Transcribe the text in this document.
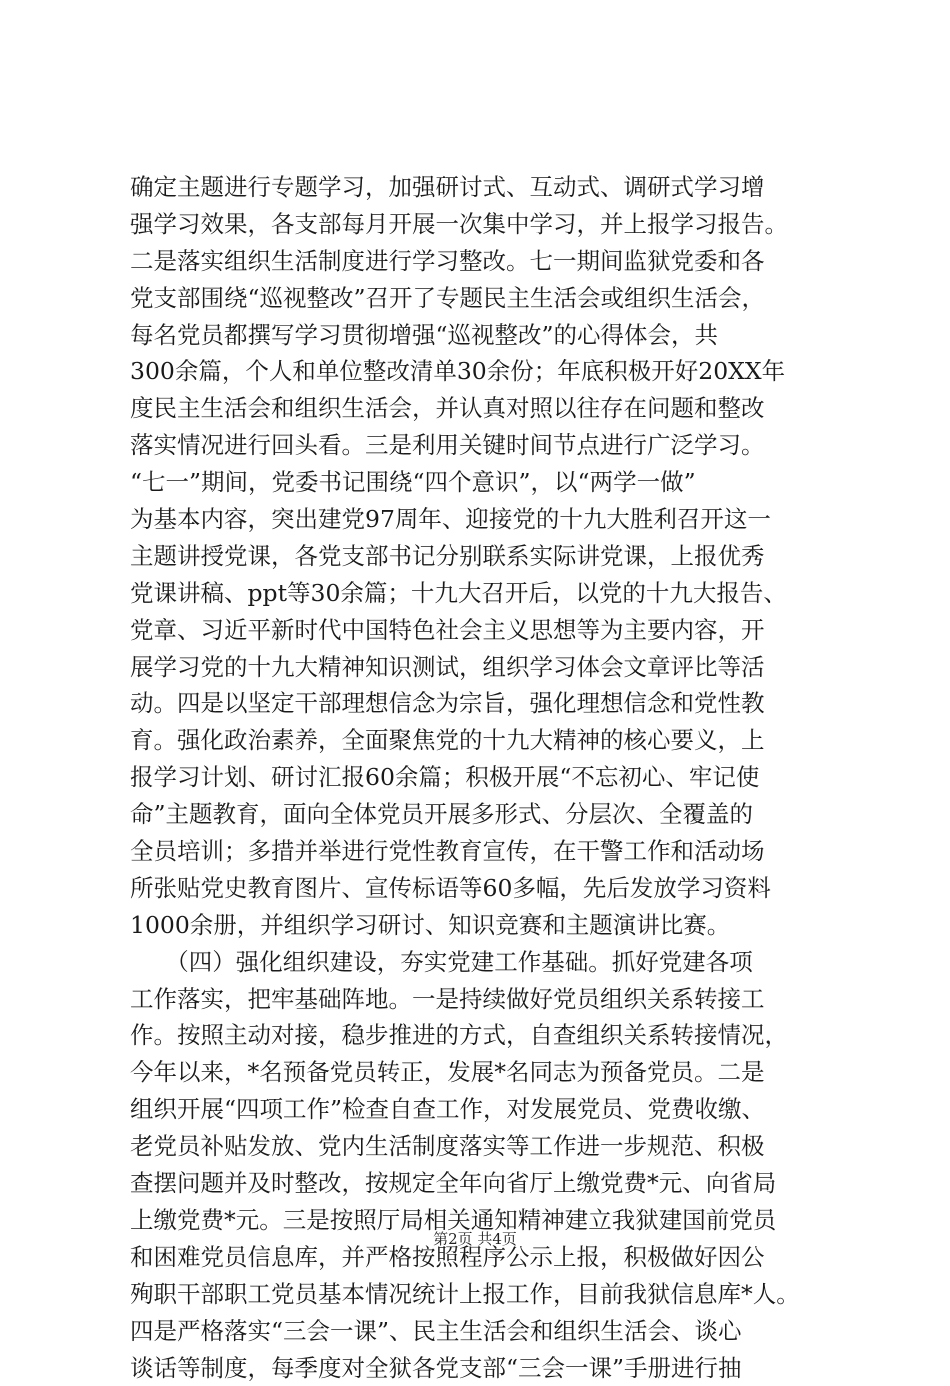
确定主题进行专题学习，加强研讨式、互动式、调研式学习增
强学习效果，各支部每月开展一次集中学习，并上报学习报告。
二是落实组织生活制度进行学习整改。七一期间监狱党委和各
党支部围绕“巡视整改”召开了专题民主生活会或组织生活会，
每名党员都撰写学习贯彻增强“巡视整改”的心得体会，共
300余篇，个人和单位整改清单30余份；年底积极开好20XX年
度民主生活会和组织生活会，并认真对照以往存在问题和整改
落实情况进行回头看。三是利用关键时间节点进行广泛学习。
“七一”期间，党委书记围绕“四个意识”，以“两学一做”
为基本内容，突出建党97周年、迎接党的十九大胜利召开这一
主题讲授党课，各党支部书记分别联系实际讲党课，上报优秀
党课讲稿、ppt等30余篇；十九大召开后，以党的十九大报告、
党章、习近平新时代中国特色社会主义思想等为主要内容，开
展学习党的十九大精神知识测试，组织学习体会文章评比等活
动。四是以坚定干部理想信念为宗旨，强化理想信念和党性教
育。强化政治素养，全面聚焦党的十九大精神的核心要义，上
报学习计划、研讨汇报60余篇；积极开展“不忘初心、牢记使
命”主题教育，面向全体党员开展多形式、分层次、全覆盖的
全员培训；多措并举进行党性教育宣传，在干警工作和活动场
所张贴党史教育图片、宣传标语等60多幅，先后发放学习资料
1000余册，并组织学习研讨、知识竞赛和主题演讲比赛。
　　（四）强化组织建设，夯实党建工作基础。抓好党建各项
工作落实，把牢基础阵地。一是持续做好党员组织关系转接工
作。按照主动对接，稳步推进的方式，自查组织关系转接情况，
今年以来，*名预备党员转正，发展*名同志为预备党员。二是
组织开展“四项工作”检查自查工作，对发展党员、党费收缴、
老党员补贴发放、党内生活制度落实等工作进一步规范、积极
查摆问题并及时整改，按规定全年向省厅上缴党费*元、向省局
上缴党费*元。三是按照厅局相关通知精神建立我狱建国前党员
和困难党员信息库，并严格按照程序公示上报，积极做好因公
殉职干部职工党员基本情况统计上报工作，目前我狱信息库*人。
四是严格落实“三会一课”、民主生活会和组织生活会、谈心
谈话等制度，每季度对全狱各党支部“三会一课”手册进行抽
第2页 共4页
